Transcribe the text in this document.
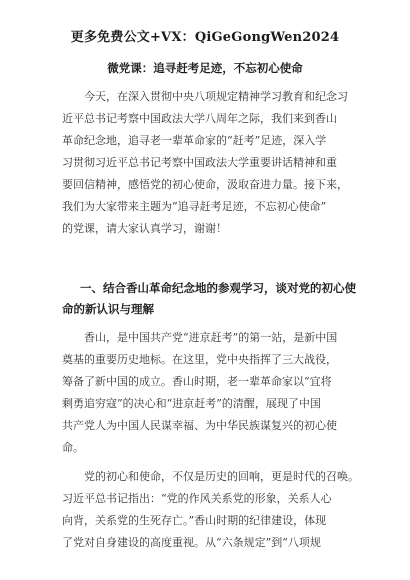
更多免费公文+VX：QiGeGongWen2024
微党课：追寻赶考足迹，不忘初心使命
今天，在深入贯彻中央八项规定精神学习教育和纪念习
近平总书记考察中国政法大学八周年之际，我们来到香山
革命纪念地，追寻老一辈革命家的“赶考”足迹，深入学
习贯彻习近平总书记考察中国政法大学重要讲话精神和重
要回信精神，感悟党的初心使命，汲取奋进力量。接下来，
我们为大家带来主题为“追寻赶考足迹，不忘初心使命”
的党课，请大家认真学习，谢谢！
一、结合香山革命纪念地的参观学习，谈对党的初心使
命的新认识与理解
香山，是中国共产党“进京赶考”的第一站，是新中国
奠基的重要历史地标。在这里，党中央指挥了三大战役，
筹备了新中国的成立。香山时期，老一辈革命家以“宜将
剩勇追穷寇”的决心和“进京赶考”的清醒，展现了中国
共产党人为中国人民谋幸福、为中华民族谋复兴的初心使
命。
党的初心和使命，不仅是历史的回响，更是时代的召唤。
习近平总书记指出：“党的作风关系党的形象，关系人心
向背，关系党的生死存亡。”香山时期的纪律建设，体现
了党对自身建设的高度重视。从“六条规定”到“八项规
